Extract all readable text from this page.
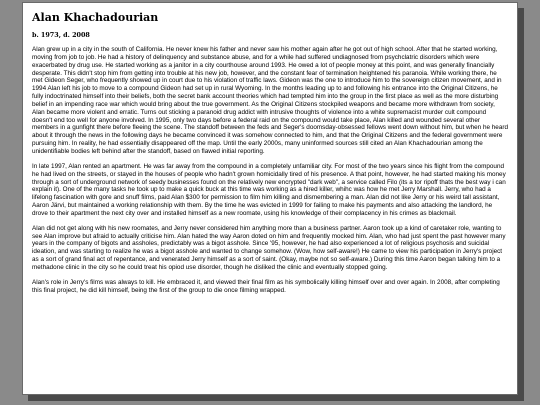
Alan Khachadourian

b. 1973, d. 2008

Alan grew up in a city in the south of California. He never knew his father and never saw his mother again after he got out of high school. After that he started working, moving from job to job. He had a history of delinquency and substance abuse, and for a while had suffered undiagnosed from psychclatric disorders which were exacerbated by drug use. He started working as a janitor in a city courthouse around 1993. He owed a lot of people money at this point, and was generally financially desperate. This didn't stop him from getting into trouble at his new job, however, and the constant fear of termination heightened his paranoia. While working there, he met Gideon Seger, who frequently showed up in court due to his violation of traffic laws. Gideon was the one to introduce him to the sovereign citizen movement, and in 1994 Alan left his job to move to a compound Gideon had set up in rural Wyoming. In the months leading up to and following his entrance into the Original Citizens, he fully indoctrinated himself into their beliefs, both the secret bank account theories which had tempted him into the group in the first place as well as the more disturbing belief in an impending race war which would bring about the true government. As the Original Citizens stockpiled weapons and became more withdrawn from society, Alan became more violent and erratic. Turns out sticking a paranoid drug addict with intrusive thoughts of violence into a white supremacist murder cult compound doesn't end too well for anyone involved. In 1995, only two days before a federal raid on the compound would take place, Alan killed and wounded several other members in a gunfight there before fleeing the scene. The standoff between the feds and Seger's doomsday-obsessed fellows went down without him, but when he heard about it through the news in the following days he became convinced it was somehow connected to him, and that the Original Citizens and the federal government were pursuing him. In reality, he had essentially disappeared off the map. Until the early 2000s, many uninformed sources still cited an Alan Khachadourian among the unidentifiable bodies left behind after the standoff, based on flawed initial reporting.

In late 1997, Alan rented an apartment. He was far away from the compound in a completely unfamiliar city. For most of the two years since his flight from the compound he had lived on the streets, or stayed in the houses of people who hadn't grown homicidally tired of his presence. A that point, however, he had started making his money through a sort of underground network of seedy businesses found on the relatively new encrypted "dark web", a service called Filo (its a tor ripoff thats the best way i can explain it). One of the many tasks he took up to make a quick buck at this time was working as a hired killer, whihc was how he met Jerry Marshall. Jerry, who had a lifelong fascination with gore and snuff films, paid Alan $300 for permission to film him killing and dismembering a man. Alan did not like Jerry or his weird tall assistant, Aaron Järvi, but maintained a working relationship with them. By the time he was evicted in 1999 for failing to make his payments and also attacking the landlord, he drove to their apartment the next city over and installed himself as a new roomate, using his knowledge of their complacency in his crimes as blackmail.

Alan did not get along with his new roomates, and Jerry never considered him anything more than a business partner. Aaron took up a kind of caretaker role, wanting to see Alan improve but afraid to actually criticise him. Alan hated the way Aaron doted on him and frequently mocked him. Alan, who had just spent the past however many years in the company of bigots and assholes, predictably was a bigot asshole. Since '95, however, he had also experienced a lot of religious psychosis and suicidal ideation, and was starting to realize he was a bigot asshole and wanted to change somehow. (Wow, how self-aware!) He came to view his participation in Jerry's project as a sort of grand final act of repentance, and venerated Jerry himself as a sort of saint. (Okay, maybe not so self-aware.) During this time Aaron began talking him to a methadone clinic in the city so he could treat his opiod use disorder, though he disliked the clinic and eventually stopped going.

Alan's role in Jerry's films was always to kill. He embraced it, and viewed their final film as his symbolically killing himself over and over again. In 2008, after completing this final project, he did kill himself, being the first of the group to die once filming wrapped.
